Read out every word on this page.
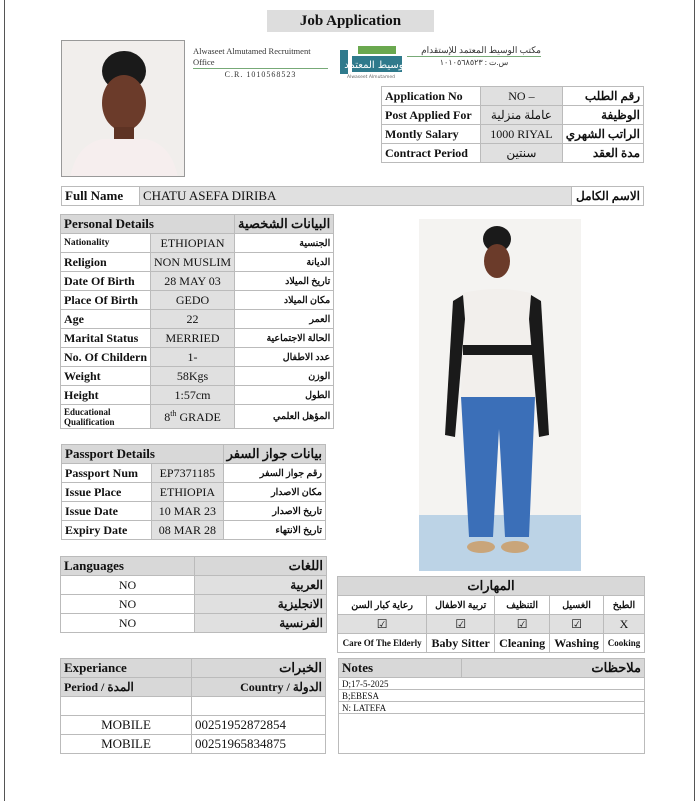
Job Application
Alwaseet Almutamed Recruitment Office
C.R. 1010568523
الوسيط المعتمد
Alwaseet Almutamed
مكتب الوسيط المعتمد للإستقدام
س.ت : ١٠١٠٥٦٨٥٢٣
Application No	NO –	رقم الطلب
Post Applied For	عاملة منزلية	الوظيفة
Montly Salary	1000 RIYAL	الراتب الشهري
Contract Period	سنتين	مدة العقد
Full Name	CHATU ASEFA DIRIBA	الاسم الكامل
Personal Details		البيانات الشخصية
Nationality	ETHIOPIAN	الجنسية
Religion	NON MUSLIM	الديانة
Date Of Birth	28 MAY 03	تاريخ الميلاد
Place Of Birth	GEDO	مكان الميلاد
Age	22	العمر
Marital Status	MERRIED	الحالة الاجتماعية
No. Of Childern	1-	عدد الاطفال
Weight	58Kgs	الوزن
Height	1:57cm	الطول
Educational Qualification	8th GRADE	المؤهل العلمي
Passport Details		بيانات جواز السفر
Passport Num	EP7371185	رقم جواز السفر
Issue Place	ETHIOPIA	مكان الاصدار
Issue Date	10 MAR 23	تاريخ الاصدار
Expiry Date	08 MAR 28	تاريخ الانتهاء
Languages	اللغات
NO	العربية
NO	الانجليزية
NO	الفرنسية
المهارات				
رعاية كبار السن	تربية الاطفال	التنظيف	الغسيل	الطبخ
☑	☑	☑	☑	X
Care Of The Elderly	Baby Sitter	Cleaning	Washing	Cooking
Experiance	الخبرات
Period / المدة	Country / الدولة

MOBILE	00251952872854
MOBILE	00251965834875
Notes	ملاحظات
D;17-5-2025
B;EBESA
N: LATEFA
